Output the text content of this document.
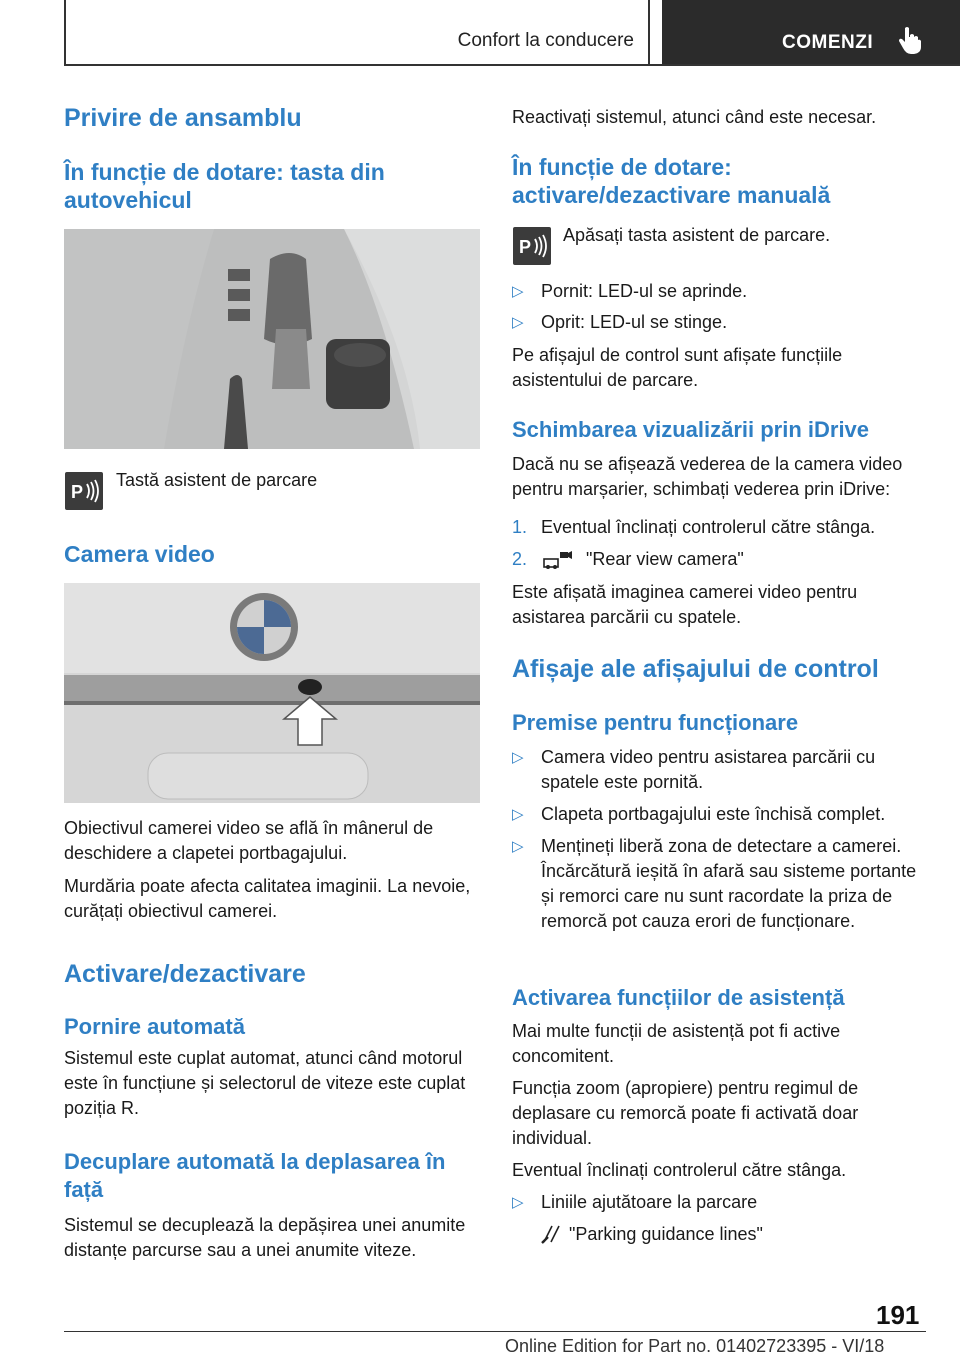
Confort la conducere	COMENZI
Privire de ansamblu
În funcție de dotare: tasta din autovehicul
P
Tastă asistent de parcare
Camera video
Obiectivul camerei video se află în mânerul de deschidere a clapetei portbagajului.
Murdăria poate afecta calitatea imaginii. La nevoie, curățați obiectivul camerei.
Activare/dezactivare
Pornire automată
Sistemul este cuplat automat, atunci când motorul este în funcțiune și selectorul de viteze este cuplat poziția R.
Decuplare automată la deplasarea în față
Sistemul se decuplează la depășirea unei anumite distanțe parcurse sau a unei anumite viteze.
Reactivați sistemul, atunci când este necesar.
În funcție de dotare: activare/dezactivare manuală
P
Apăsați tasta asistent de parcare.
▷ Pornit: LED-ul se aprinde.
▷ Oprit: LED-ul se stinge.
Pe afișajul de control sunt afișate funcțiile asistentului de parcare.
Schimbarea vizualizării prin iDrive
Dacă nu se afișează vederea de la camera video pentru marșarier, schimbați vederea prin iDrive:
1. Eventual înclinați controlerul către stânga.
2.	"Rear view camera"
Este afișată imaginea camerei video pentru asistarea parcării cu spatele.
Afișaje ale afișajului de control
Premise pentru funcționare
▷ Camera video pentru asistarea parcării cu spatele este pornită.
▷ Clapeta portbagajului este închisă complet.
▷ Mențineți liberă zona de detectare a camerei. Încărcătură ieșită în afară sau sisteme portante și remorci care nu sunt racordate la priza de remorcă pot cauza erori de funcționare.
Activarea funcțiilor de asistență
Mai multe funcții de asistență pot fi active concomitent.
Funcția zoom (apropiere) pentru regimul de deplasare cu remorcă poate fi activată doar individual.
Eventual înclinați controlerul către stânga.
▷ Liniile ajutătoare la parcare
"Parking guidance lines"
191
Online Edition for Part no. 01402723395 - VI/18
